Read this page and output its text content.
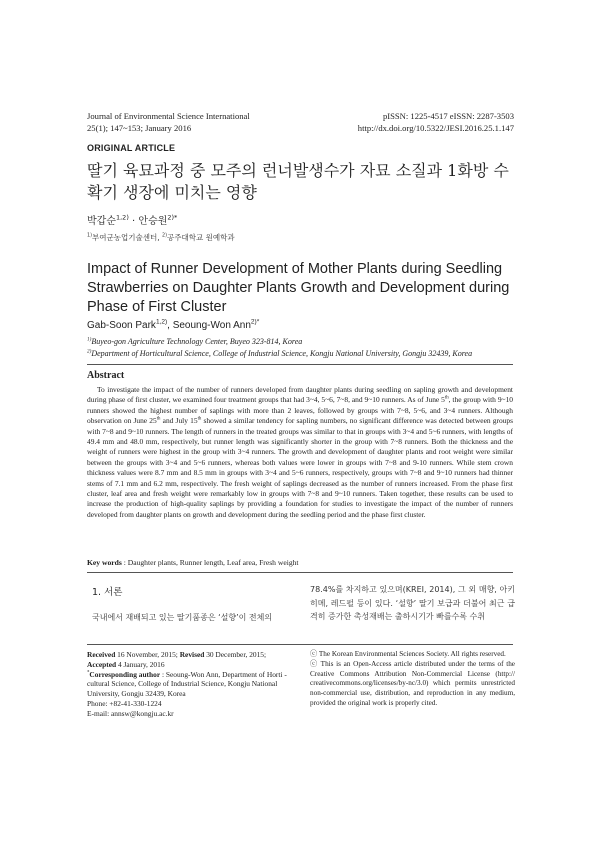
Journal of Environmental Science International
25(1); 147~153; January 2016
pISSN: 1225-4517 eISSN: 2287-3503
http://dx.doi.org/10.5322/JESI.2016.25.1.147
ORIGINAL ARTICLE
딸기 육묘과정 중 모주의 런너발생수가 자묘 소질과 1화방 수확기 생장에 미치는 영향
박갑순$^{1,2)}$ · 안승원$^{2)*}$
$^{1)}$부여군농업기술센터, $^{2)}$공주대학교 원예학과
Impact of Runner Development of Mother Plants during Seedling Strawberries on Daughter Plants Growth and Development during Phase of First Cluster
Gab-Soon Park$^{1,2)}$, Seoung-Won Ann$^{2)*}$
$^{1)}$Buyeo-gon Agriculture Technology Center, Buyeo 323-814, Korea
$^{2)}$Department of Horticultural Science, College of Industrial Science, Kongju National University, Gongju 32439, Korea
Abstract
To investigate the impact of the number of runners developed from daughter plants during seedling on sapling growth and development during phase of first cluster, we examined four treatment groups that had 3~4, 5~6, 7~8, and 9~10 runners. As of June 5th, the group with 9~10 runners showed the highest number of saplings with more than 2 leaves, followed by groups with 7~8, 5~6, and 3~4 runners. Although observation on June 25th and July 15th showed a similar tendency for sapling numbers, no significant difference was detected between groups with 7~8 and 9~10 runners. The length of runners in the treated groups was similar to that in groups with 3~4 and 5~6 runners, with lengths of 49.4 mm and 48.0 mm, respectively, but runner length was significantly shorter in the group with 7~8 runners. Both the thickness and the weight of runners were highest in the group with 3~4 runners. The growth and development of daughter plants and root weight were similar between the groups with 3~4 and 5~6 runners, whereas both values were lower in groups with 7~8 and 9-10 runners. While stem crown thickness values were 8.7 mm and 8.5 mm in groups with 3~4 and 5~6 runners, respectively, groups with 7~8 and 9~10 runners had thinner stems of 7.1 mm and 6.2 mm, respectively. The fresh weight of saplings decreased as the number of runners increased. From the phase first cluster, leaf area and fresh weight were remarkably low in groups with 7~8 and 9~10 runners. Taken together, these results can be used to increase the production of high-quality saplings by providing a foundation for studies to investigate the impact of the number of runners developed from daughter plants on growth and development during the seedling period and the phase first cluster.
Key words : Daughter plants, Runner length, Leaf area, Fresh weight
1. 서론
국내에서 재배되고 있는 딸기품종은 ‘설향’이 전체의
78.4%를 차지하고 있으며(KREI, 2014), 그 외 매향, 아키히메, 레드펄 등이 있다. ‘설향’ 딸기 보급과 더불어 최근 급격히 증가한 촉성재배는 출하시기가 빠를수록 수취
Received 16 November, 2015; Revised 30 December, 2015;
Accepted 4 January, 2016
*Corresponding author : Seoung-Won Ann, Department of Horti -cultural Science, College of Industrial Science, Kongju National University, Gongju 32439, Korea
Phone: +82-41-330-1224
E-mail: annsw@kongju.ac.kr
ⓒ The Korean Environmental Sciences Society. All rights reserved.
ⓒ This is an Open-Access article distributed under the terms of the Creative Commons Attribution Non-Commercial License (http:// creativecommons.org/licenses/by-nc/3.0) which permits unrestricted non-commercial use, distribution, and reproduction in any medium, provided the original work is properly cited.
